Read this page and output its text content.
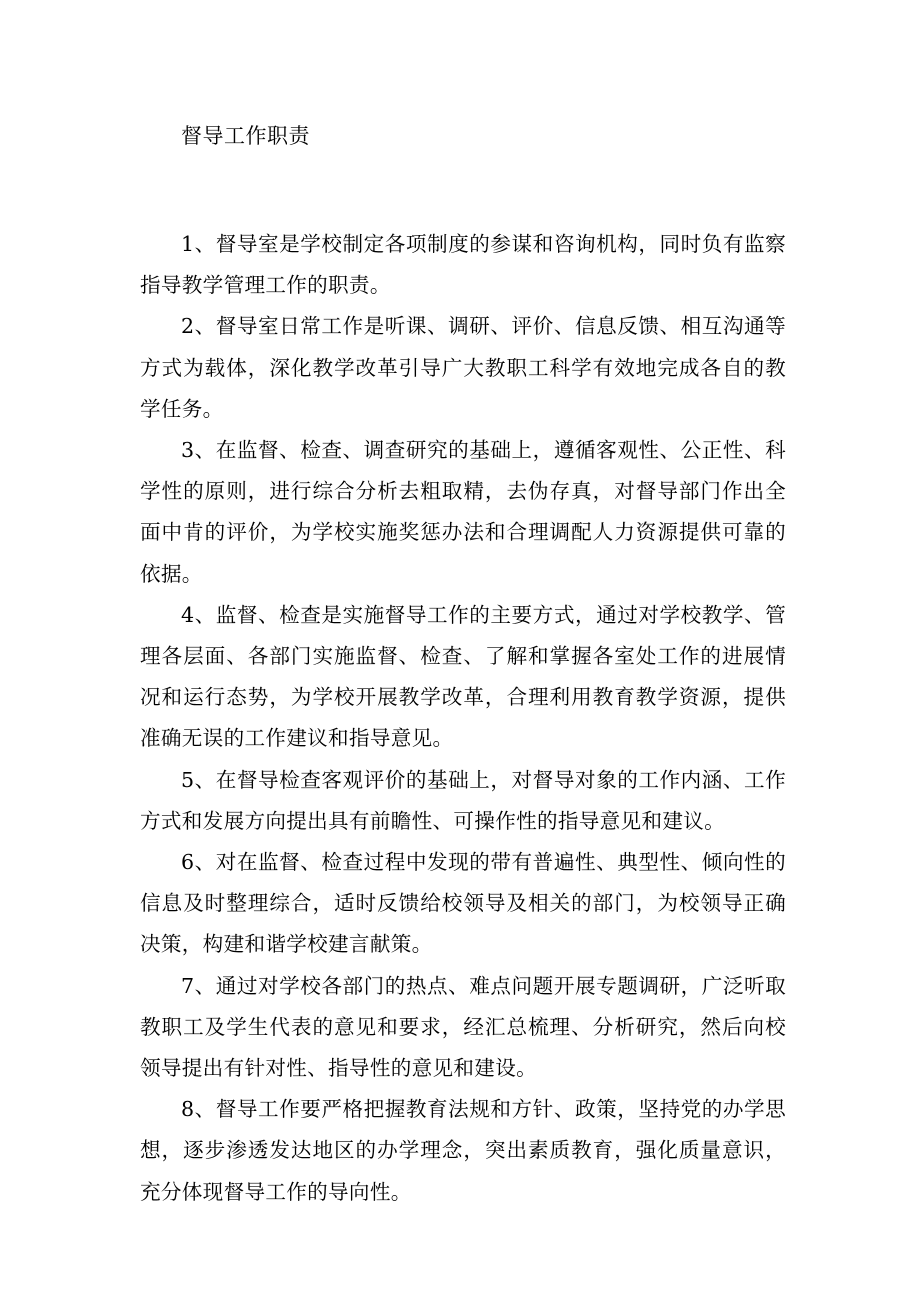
督导工作职责

1、督导室是学校制定各项制度的参谋和咨询机构，同时负有监察指导教学管理工作的职责。

2、督导室日常工作是听课、调研、评价、信息反馈、相互沟通等方式为载体，深化教学改革引导广大教职工科学有效地完成各自的教学任务。

3、在监督、检查、调查研究的基础上，遵循客观性、公正性、科学性的原则，进行综合分析去粗取精，去伪存真，对督导部门作出全面中肯的评价，为学校实施奖惩办法和合理调配人力资源提供可靠的依据。

4、监督、检查是实施督导工作的主要方式，通过对学校教学、管理各层面、各部门实施监督、检查、了解和掌握各室处工作的进展情况和运行态势，为学校开展教学改革，合理利用教育教学资源，提供准确无误的工作建议和指导意见。

5、在督导检查客观评价的基础上，对督导对象的工作内涵、工作方式和发展方向提出具有前瞻性、可操作性的指导意见和建议。

6、对在监督、检查过程中发现的带有普遍性、典型性、倾向性的信息及时整理综合，适时反馈给校领导及相关的部门，为校领导正确决策，构建和谐学校建言献策。

7、通过对学校各部门的热点、难点问题开展专题调研，广泛听取教职工及学生代表的意见和要求，经汇总梳理、分析研究，然后向校领导提出有针对性、指导性的意见和建设。

8、督导工作要严格把握教育法规和方针、政策，坚持党的办学思想，逐步渗透发达地区的办学理念，突出素质教育，强化质量意识，充分体现督导工作的导向性。
